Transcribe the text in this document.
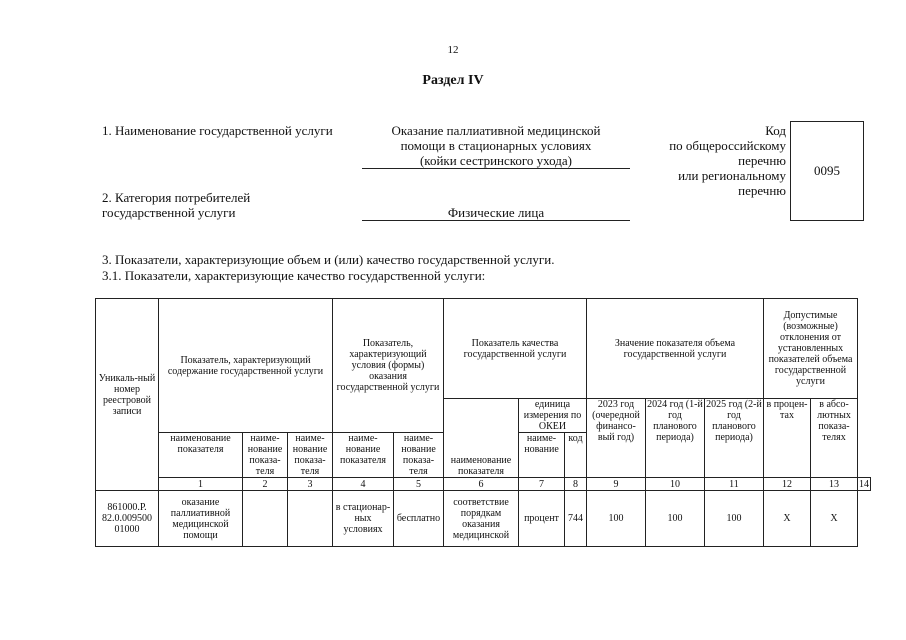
12
Раздел IV
1. Наименование государственной услуги	Оказание паллиативной медицинской
помощи в стационарных условиях
(койки сестринского ухода)
2. Категория потребителей
государственной услуги	Физические лица
Код
по общероссийскому
перечню
или региональному
перечню
0095
3. Показатели, характеризующие объем и (или) качество государственной услуги.
3.1. Показатели, характеризующие качество государственной услуги:
Уникаль-ный номер реестровой записи	Показатель, характеризующий содержание государственной услуги			Показатель, характеризующий условия (формы) оказания государственной услуги		Показатель качества государственной услуги			Значение показателя объема государственной услуги			Допустимые (возможные) отклонения от установленных показателей объема государственной услуги		
						наименование показателя	единица измерения по ОКЕИ		2023 год (очередной финансо-вый год)	2024 год (1-й год планового периода)	2025 год (2-й год планового периода)	в процен-тах	в абсо-лютных показа-телях	
	наименование показателя	наиме-нование показа-теля	наиме-нование показа-теля	наиме-нование показателя	наиме-нование показа-теля		наиме-нование	код						
	1	2	3	4	5	6	7	8	9	10	11	12	13	14
861000.Р. 82.0.009500 01000	оказание паллиативной медицинской помощи			в стационар-ных условиях	бесплатно	соответствие порядкам оказания медицинской	процент	744	100	100	100	Х	Х	
